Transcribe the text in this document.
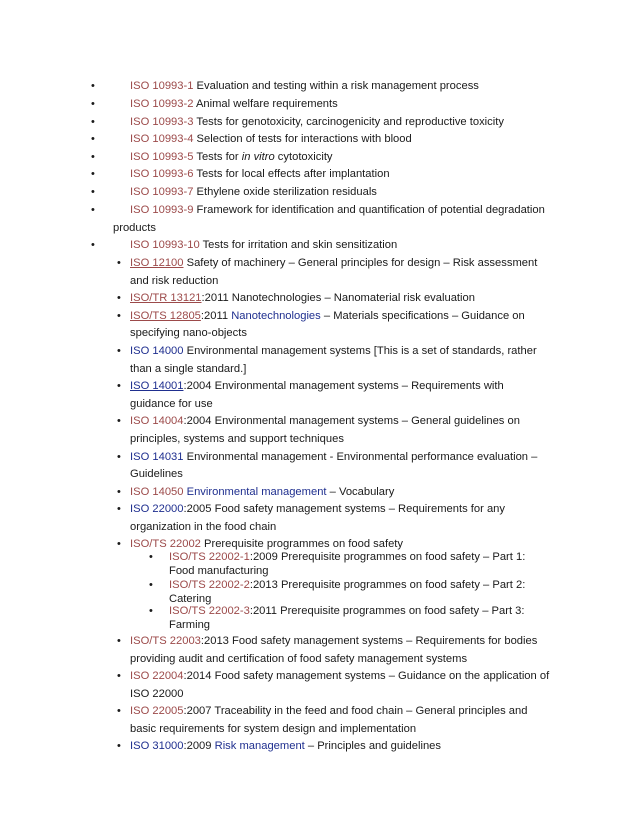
•	ISO 10993-1 Evaluation and testing within a risk management process
•	ISO 10993-2 Animal welfare requirements
•	ISO 10993-3 Tests for genotoxicity, carcinogenicity and reproductive toxicity
•	ISO 10993-4 Selection of tests for interactions with blood
•	ISO 10993-5 Tests for in vitro cytotoxicity
•	ISO 10993-6 Tests for local effects after implantation
•	ISO 10993-7 Ethylene oxide sterilization residuals
•	ISO 10993-9 Framework for identification and quantification of potential degradation
products
•	ISO 10993-10 Tests for irritation and skin sensitization
• ISO 12100 Safety of machinery – General principles for design – Risk assessment
and risk reduction
• ISO/TR 13121:2011 Nanotechnologies – Nanomaterial risk evaluation
• ISO/TS 12805:2011 Nanotechnologies – Materials specifications – Guidance on
specifying nano-objects
• ISO 14000 Environmental management systems [This is a set of standards, rather
than a single standard.]
• ISO 14001:2004 Environmental management systems – Requirements with
guidance for use
• ISO 14004:2004 Environmental management systems – General guidelines on
principles, systems and support techniques
• ISO 14031 Environmental management - Environmental performance evaluation –
Guidelines
• ISO 14050 Environmental management – Vocabulary
• ISO 22000:2005 Food safety management systems – Requirements for any
organization in the food chain
• ISO/TS 22002 Prerequisite programmes on food safety
• ISO/TS 22002-1:2009 Prerequisite programmes on food safety – Part 1:
Food manufacturing
• ISO/TS 22002-2:2013 Prerequisite programmes on food safety – Part 2:
Catering
• ISO/TS 22002-3:2011 Prerequisite programmes on food safety – Part 3:
Farming
• ISO/TS 22003:2013 Food safety management systems – Requirements for bodies
providing audit and certification of food safety management systems
• ISO 22004:2014 Food safety management systems – Guidance on the application of
ISO 22000
• ISO 22005:2007 Traceability in the feed and food chain – General principles and
basic requirements for system design and implementation
• ISO 31000:2009 Risk management – Principles and guidelines
